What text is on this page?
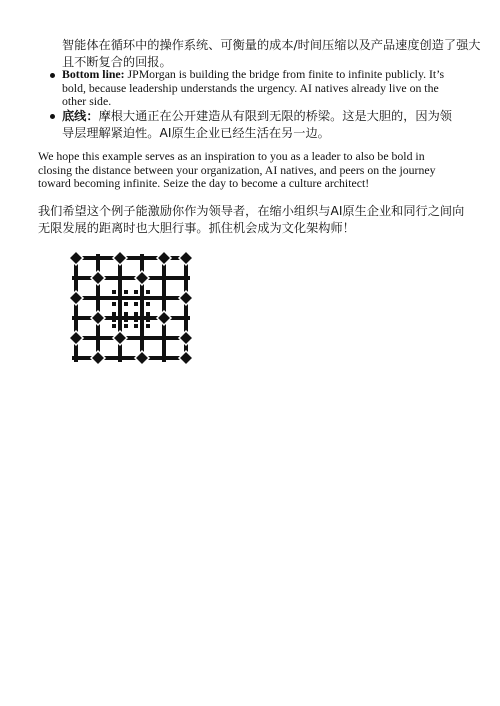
智能体在循环中的操作系统、可衡量的成本/时间压缩以及产品速度创造了强大且不断复合的回报。
Bottom line: JPMorgan is building the bridge from finite to infinite publicly. It’s bold, because leadership understands the urgency. AI natives already live on the other side.
底线：摩根大通正在公开建造从有限到无限的桥梁。这是大胆的，因为领导层理解紧迫性。AI原生企业已经生活在另一边。

We hope this example serves as an inspiration to you as a leader to also be bold in closing the distance between your organization, AI natives, and peers on the journey toward becoming infinite. Seize the day to become a culture architect!

我们希望这个例子能激励你作为领导者，在缩小组织与AI原生企业和同行之间向无限发展的距离时也大胆行事。抓住机会成为文化架构师！
